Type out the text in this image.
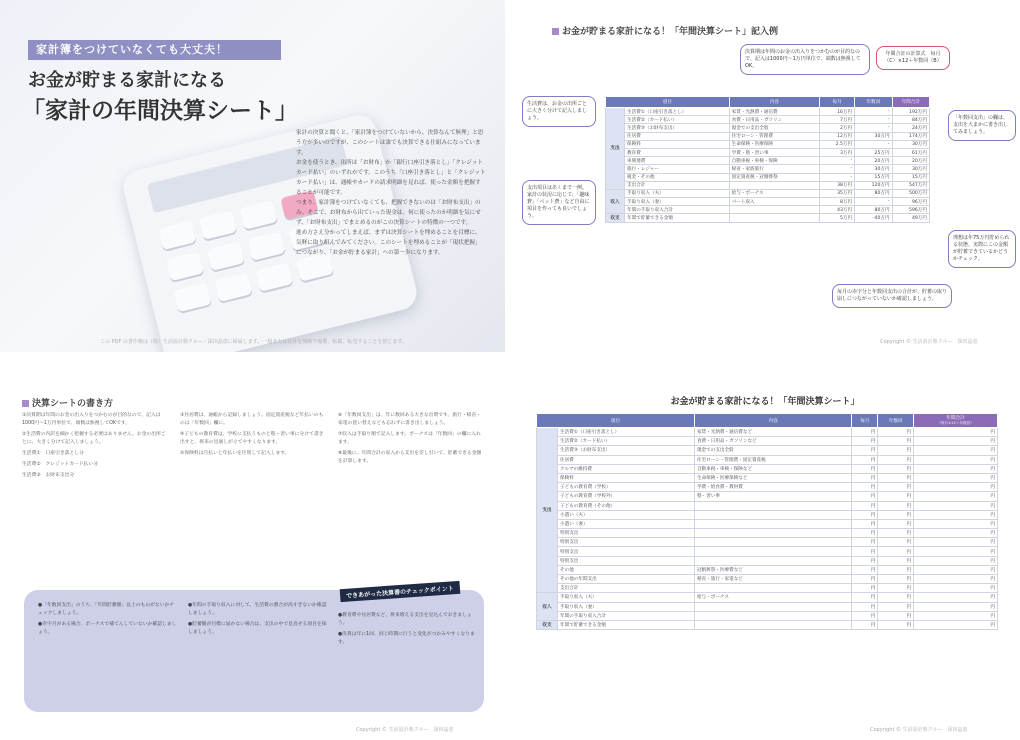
家計簿をつけていなくても大丈夫！
お金が貯まる家計になる
「家計の年間決算シート」

家計の決算と聞くと、「家計簿をつけていないから、決算なんて無理」と思う方が多いのですが、このシートは誰でも決算できる仕組みになっています。

お金を使うとき、出所は「お財布」か「銀行口座引き落とし」「クレジットカード払い」のいずれかです。このうち「口座引き落とし」と「クレジットカード払い」は、通帳やカードの請求明細を見れば、使った金額を把握することが可能です。

つまり、家計簿をつけていなくても、把握できないのは「お財布支出」のみ。そこで、お財布から出ていった現金は、何に使ったのか明細を気にせず、「お財布支出」でまとめるのがこの決算シートの特徴の一つです。

進め方さえ分かってしまえば、まずは決算シートを埋めることを目標に、気軽に取り組んでみてください。このシートを埋めることが「現状把握」につながり、「お金が貯まる家計」への第一歩になります。

この PDF の著作権は（株）生活設計塾クルー・深田晶恵に帰属します。一般または社外を無断で複製、転載、転送することを禁じます。
お金が貯まる家計になる！「年間決算シート」記入例
生活費は、お金の出所ごとに大きく分けて記入しましょう。
支出項目はあくまで一例。家計の状況に応じて、「趣味費」「ペット費」など自由に項目を作っても良いでしょう。
決算期は年間のお金の出入りをつかむのが目的なので、記入は1000円〜1万円単位で、端数は無視してOK。
年間合計の計算式　毎月（C）×12＋年数回（B）
「年数回支出」の欄は、支出を大まかに書き出してみましょう。
理想は年75万円貯められる状態、実際にこの金額が貯蓄できているかどうかチェック。
毎月の赤字分と年数回支出の合計が、貯蓄の取り崩しにつながっていないか確認しましょう。
項目		内容	毎月	年数回	年間合計
支出	生活費①（口座引き落とし）	家賃・光熱費・通信費	16万円	-	192万円
	生活費②（カード払い）	食費・日用品・ガソリン	7万円	-	84万円
	生活費③（お財布支出）	現金での支出全般	2万円	-	24万円
	住居費	住宅ローン・管理費	12万円	30万円	174万円
	保険料	生命保険・医療保険	2.5万円	-	30万円
	教育費	学費・塾・習い事	3万円	25万円	61万円
	車関連費	自動車税・車検・保険	-	20万円	20万円
	旅行・レジャー	帰省・家族旅行	-	30万円	30万円
	税金・その他	固定資産税・冠婚葬祭	-	15万円	15万円
	支出合計		38万円	120万円	547万円
収入	手取り収入（夫）	給与・ボーナス	35万円	80万円	500万円
	手取り収入（妻）	パート収入	8万円	-	96万円
	年間の手取り収入合計		43万円	80万円	596万円
収支	年間で貯蓄できる金額		5万円	-40万円	49万円
Copyright © 生活設計塾クルー　深田晶恵
決算シートの書き方

①決算期は年間のお金の出入りをつかむのが目的なので、記入は1000円〜1万円単位で、端数は無視してOKです。

②生活費の内訳を細かく把握する必要はありません。お金の出所ごとに、大きく分けて記入しましょう。

生活費①　口座引き落とし分

生活費②　クレジットカード払い分

生活費③　お財布支出分

③住居費は、通帳から記録しましょう。固定資産税など年払いのものは「年数回」欄に。

④子どもの教育費は、学校に支払うものと塾・習い事に分けて書き出すと、将来の見通しが立てやすくなります。

⑤保険料は月払いと年払いを区別して記入します。

⑥「年数回支出」は、年に数回ある大きな出費です。旅行・帰省・家電の買い替えなども忘れずに書き出しましょう。

⑦収入は手取り額で記入します。ボーナスは「年数回」の欄に入れます。

⑧最後に、年間合計の収入から支出を差し引いて、貯蓄できる金額を計算します。

できあがった決算書のチェックポイント

●「年数回支出」のうち、「年間貯蓄額」以上のものがないかチェックしましょう。

●赤字月がある場合、ボーナスで補てんしていないか確認しましょう。

●年間の手取り収入に対して、生活費の割合が高すぎないか確認しましょう。

●貯蓄額が目標に届かない場合は、支出の中で見直せる項目を探しましょう。

●教育費や住居費など、将来増える支出を見込んでおきましょう。

●決算は年に1回、同じ時期に行うと変化がつかみやすくなります。

Copyright © 生活設計塾クルー　深田晶恵
お金が貯まる家計になる！「年間決算シート」
項目		内容	毎月	年数回	年間合計
（毎月×12＋年数回）
支出	生活費①（口座引き落とし）	家賃・光熱費・通信費など	円	円	円
	生活費②（カード払い）	食費・日用品・ガソリンなど	円	円	円
	生活費③（お財布支出）	現金での支出全般	円	円	円
	住居費	住宅ローン・管理費・固定資産税	円	円	円
	クルマの維持費	自動車税・車検・保険など	円	円	円
	保険料	生命保険・医療保険など	円	円	円
	子どもの教育費（学校）	学費・給食費・教材費	円	円	円
	子どもの教育費（学校外）	塾・習い事	円	円	円
	子どもの教育費（その他）		円	円	円
	小遣い（夫）		円	円	円
	小遣い（妻）		円	円	円
	特別支出		円	円	円
	特別支出		円	円	円
	特別支出		円	円	円
	特別支出		円	円	円
	その他	冠婚葬祭・医療費など	円	円	円
	その他の年間支出	帰省・旅行・家電など	円	円	円
	支出合計		円	円	円
収入	手取り収入（夫）	給与・ボーナス	円	円	円
	手取り収入（妻）		円	円	円
	年間の手取り収入合計		円	円	円
収支	年間で貯蓄できる金額		円	円	円
Copyright © 生活設計塾クルー　深田晶恵
